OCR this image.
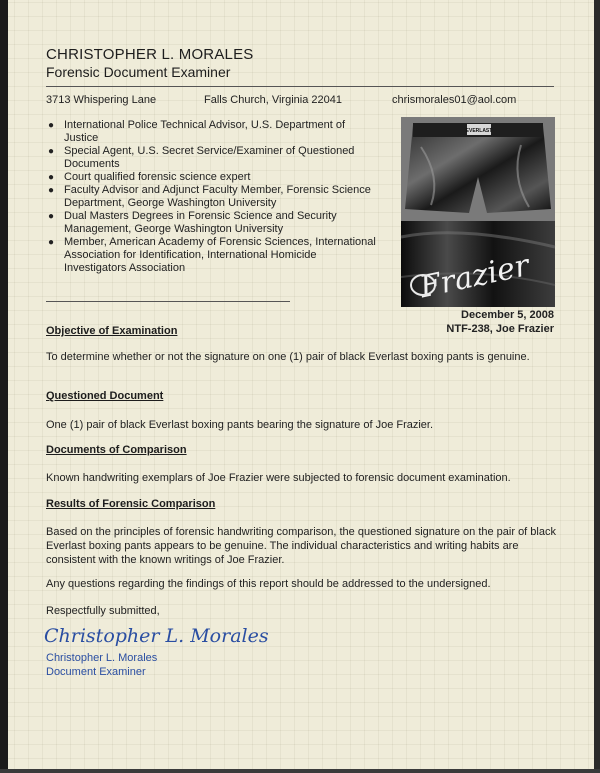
CHRISTOPHER L. MORALES
Forensic Document Examiner
3713 Whispering Lane	Falls Church, Virginia 22041	chrismorales01@aol.com
● International Police Technical Advisor, U.S. Department of Justice
● Special Agent, U.S. Secret Service/Examiner of Questioned Documents
● Court qualified forensic science expert
● Faculty Advisor and Adjunct Faculty Member, Forensic Science Department, George Washington University
● Dual Masters Degrees in Forensic Science and Security Management, George Washington University
● Member, American Academy of Forensic Sciences, International Association for Identification, International Homicide Investigators Association
EVERLAST
Frazier
December 5, 2008
NTF-238, Joe Frazier
Objective of Examination
To determine whether or not the signature on one (1) pair of black Everlast boxing pants is genuine.
Questioned Document
One (1) pair of black Everlast boxing pants bearing the signature of Joe Frazier.
Documents of Comparison
Known handwriting exemplars of Joe Frazier were subjected to forensic document examination.
Results of Forensic Comparison
Based on the principles of forensic handwriting comparison, the questioned signature on the pair of black Everlast boxing pants appears to be genuine. The individual characteristics and writing habits are consistent with the known writings of Joe Frazier.
Any questions regarding the findings of this report should be addressed to the undersigned.
Respectfully submitted,
Christopher L. Morales
Christopher L. Morales
Document Examiner
